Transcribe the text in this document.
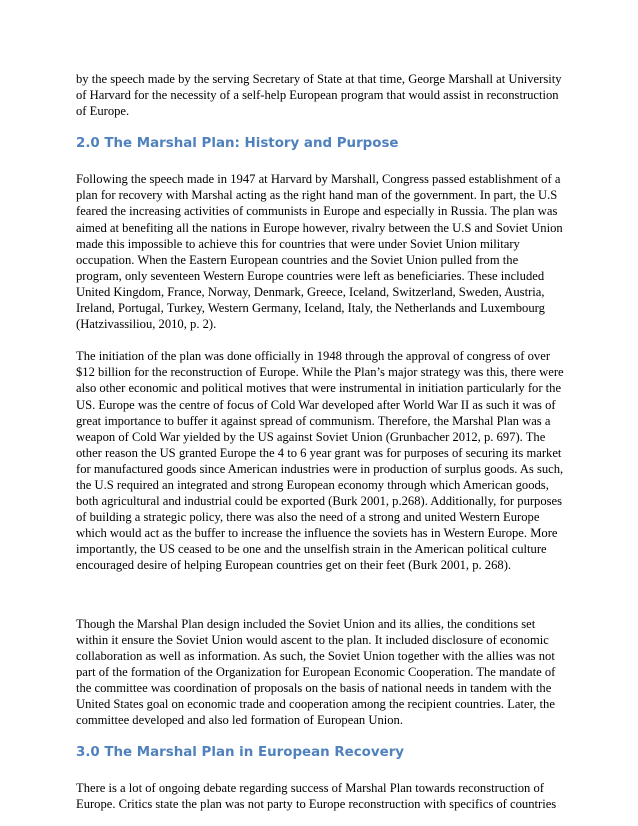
by the speech made by the serving Secretary of State at that time, George Marshall at University
of Harvard for the necessity of a self-help European program that would assist in reconstruction
of Europe.

2.0 The Marshal Plan: History and Purpose

Following the speech made in 1947 at Harvard by Marshall, Congress passed establishment of a
plan for recovery with Marshal acting as the right hand man of the government. In part, the U.S
feared the increasing activities of communists in Europe and especially in Russia. The plan was
aimed at benefiting all the nations in Europe however, rivalry between the U.S and Soviet Union
made this impossible to achieve this for countries that were under Soviet Union military
occupation. When the Eastern European countries and the Soviet Union pulled from the
program, only seventeen Western Europe countries were left as beneficiaries. These included
United Kingdom, France, Norway, Denmark, Greece, Iceland, Switzerland, Sweden, Austria,
Ireland, Portugal, Turkey, Western Germany, Iceland, Italy, the Netherlands and Luxembourg
(Hatzivassiliou, 2010, p. 2).

The initiation of the plan was done officially in 1948 through the approval of congress of over
$12 billion for the reconstruction of Europe. While the Plan’s major strategy was this, there were
also other economic and political motives that were instrumental in initiation particularly for the
US. Europe was the centre of focus of Cold War developed after World War II as such it was of
great importance to buffer it against spread of communism. Therefore, the Marshal Plan was a
weapon of Cold War yielded by the US against Soviet Union (Grunbacher 2012, p. 697). The
other reason the US granted Europe the 4 to 6 year grant was for purposes of securing its market
for manufactured goods since American industries were in production of surplus goods. As such,
the U.S required an integrated and strong European economy through which American goods,
both agricultural and industrial could be exported (Burk 2001, p.268). Additionally, for purposes
of building a strategic policy, there was also the need of a strong and united Western Europe
which would act as the buffer to increase the influence the soviets has in Western Europe. More
importantly, the US ceased to be one and the unselfish strain in the American political culture
encouraged desire of helping European countries get on their feet (Burk 2001, p. 268).

Though the Marshal Plan design included the Soviet Union and its allies, the conditions set
within it ensure the Soviet Union would ascent to the plan. It included disclosure of economic
collaboration as well as information. As such, the Soviet Union together with the allies was not
part of the formation of the Organization for European Economic Cooperation. The mandate of
the committee was coordination of proposals on the basis of national needs in tandem with the
United States goal on economic trade and cooperation among the recipient countries. Later, the
committee developed and also led formation of European Union.

3.0 The Marshal Plan in European Recovery

There is a lot of ongoing debate regarding success of Marshal Plan towards reconstruction of
Europe. Critics state the plan was not party to Europe reconstruction with specifics of countries
